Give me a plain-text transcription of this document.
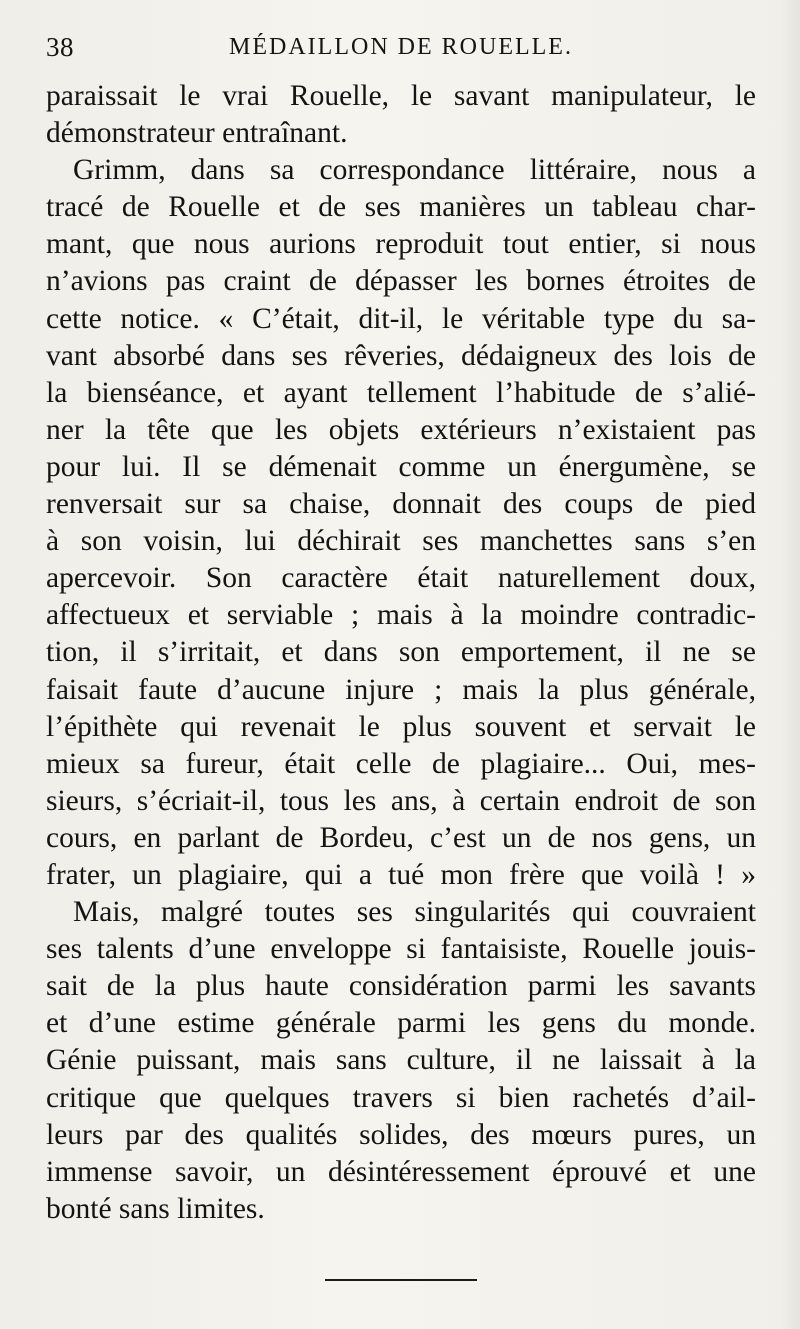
38	MÉDAILLON DE ROUELLE.
paraissait le vrai Rouelle, le savant manipulateur, le
démonstrateur entraînant.
Grimm, dans sa correspondance littéraire, nous a
tracé de Rouelle et de ses manières un tableau char-
mant, que nous aurions reproduit tout entier, si nous
n’avions pas craint de dépasser les bornes étroites de
cette notice. « C’était, dit-il, le véritable type du sa-
vant absorbé dans ses rêveries, dédaigneux des lois de
la bienséance, et ayant tellement l’habitude de s’alié-
ner la tête que les objets extérieurs n’existaient pas
pour lui. Il se démenait comme un énergumène, se
renversait sur sa chaise, donnait des coups de pied
à son voisin, lui déchirait ses manchettes sans s’en
apercevoir. Son caractère était naturellement doux,
affectueux et serviable ; mais à la moindre contradic-
tion, il s’irritait, et dans son emportement, il ne se
faisait faute d’aucune injure ; mais la plus générale,
l’épithète qui revenait le plus souvent et servait le
mieux sa fureur, était celle de plagiaire... Oui, mes-
sieurs, s’écriait-il, tous les ans, à certain endroit de son
cours, en parlant de Bordeu, c’est un de nos gens, un
frater, un plagiaire, qui a tué mon frère que voilà ! »
Mais, malgré toutes ses singularités qui couvraient
ses talents d’une enveloppe si fantaisiste, Rouelle jouis-
sait de la plus haute considération parmi les savants
et d’une estime générale parmi les gens du monde.
Génie puissant, mais sans culture, il ne laissait à la
critique que quelques travers si bien rachetés d’ail-
leurs par des qualités solides, des mœurs pures, un
immense savoir, un désintéressement éprouvé et une
bonté sans limites.
